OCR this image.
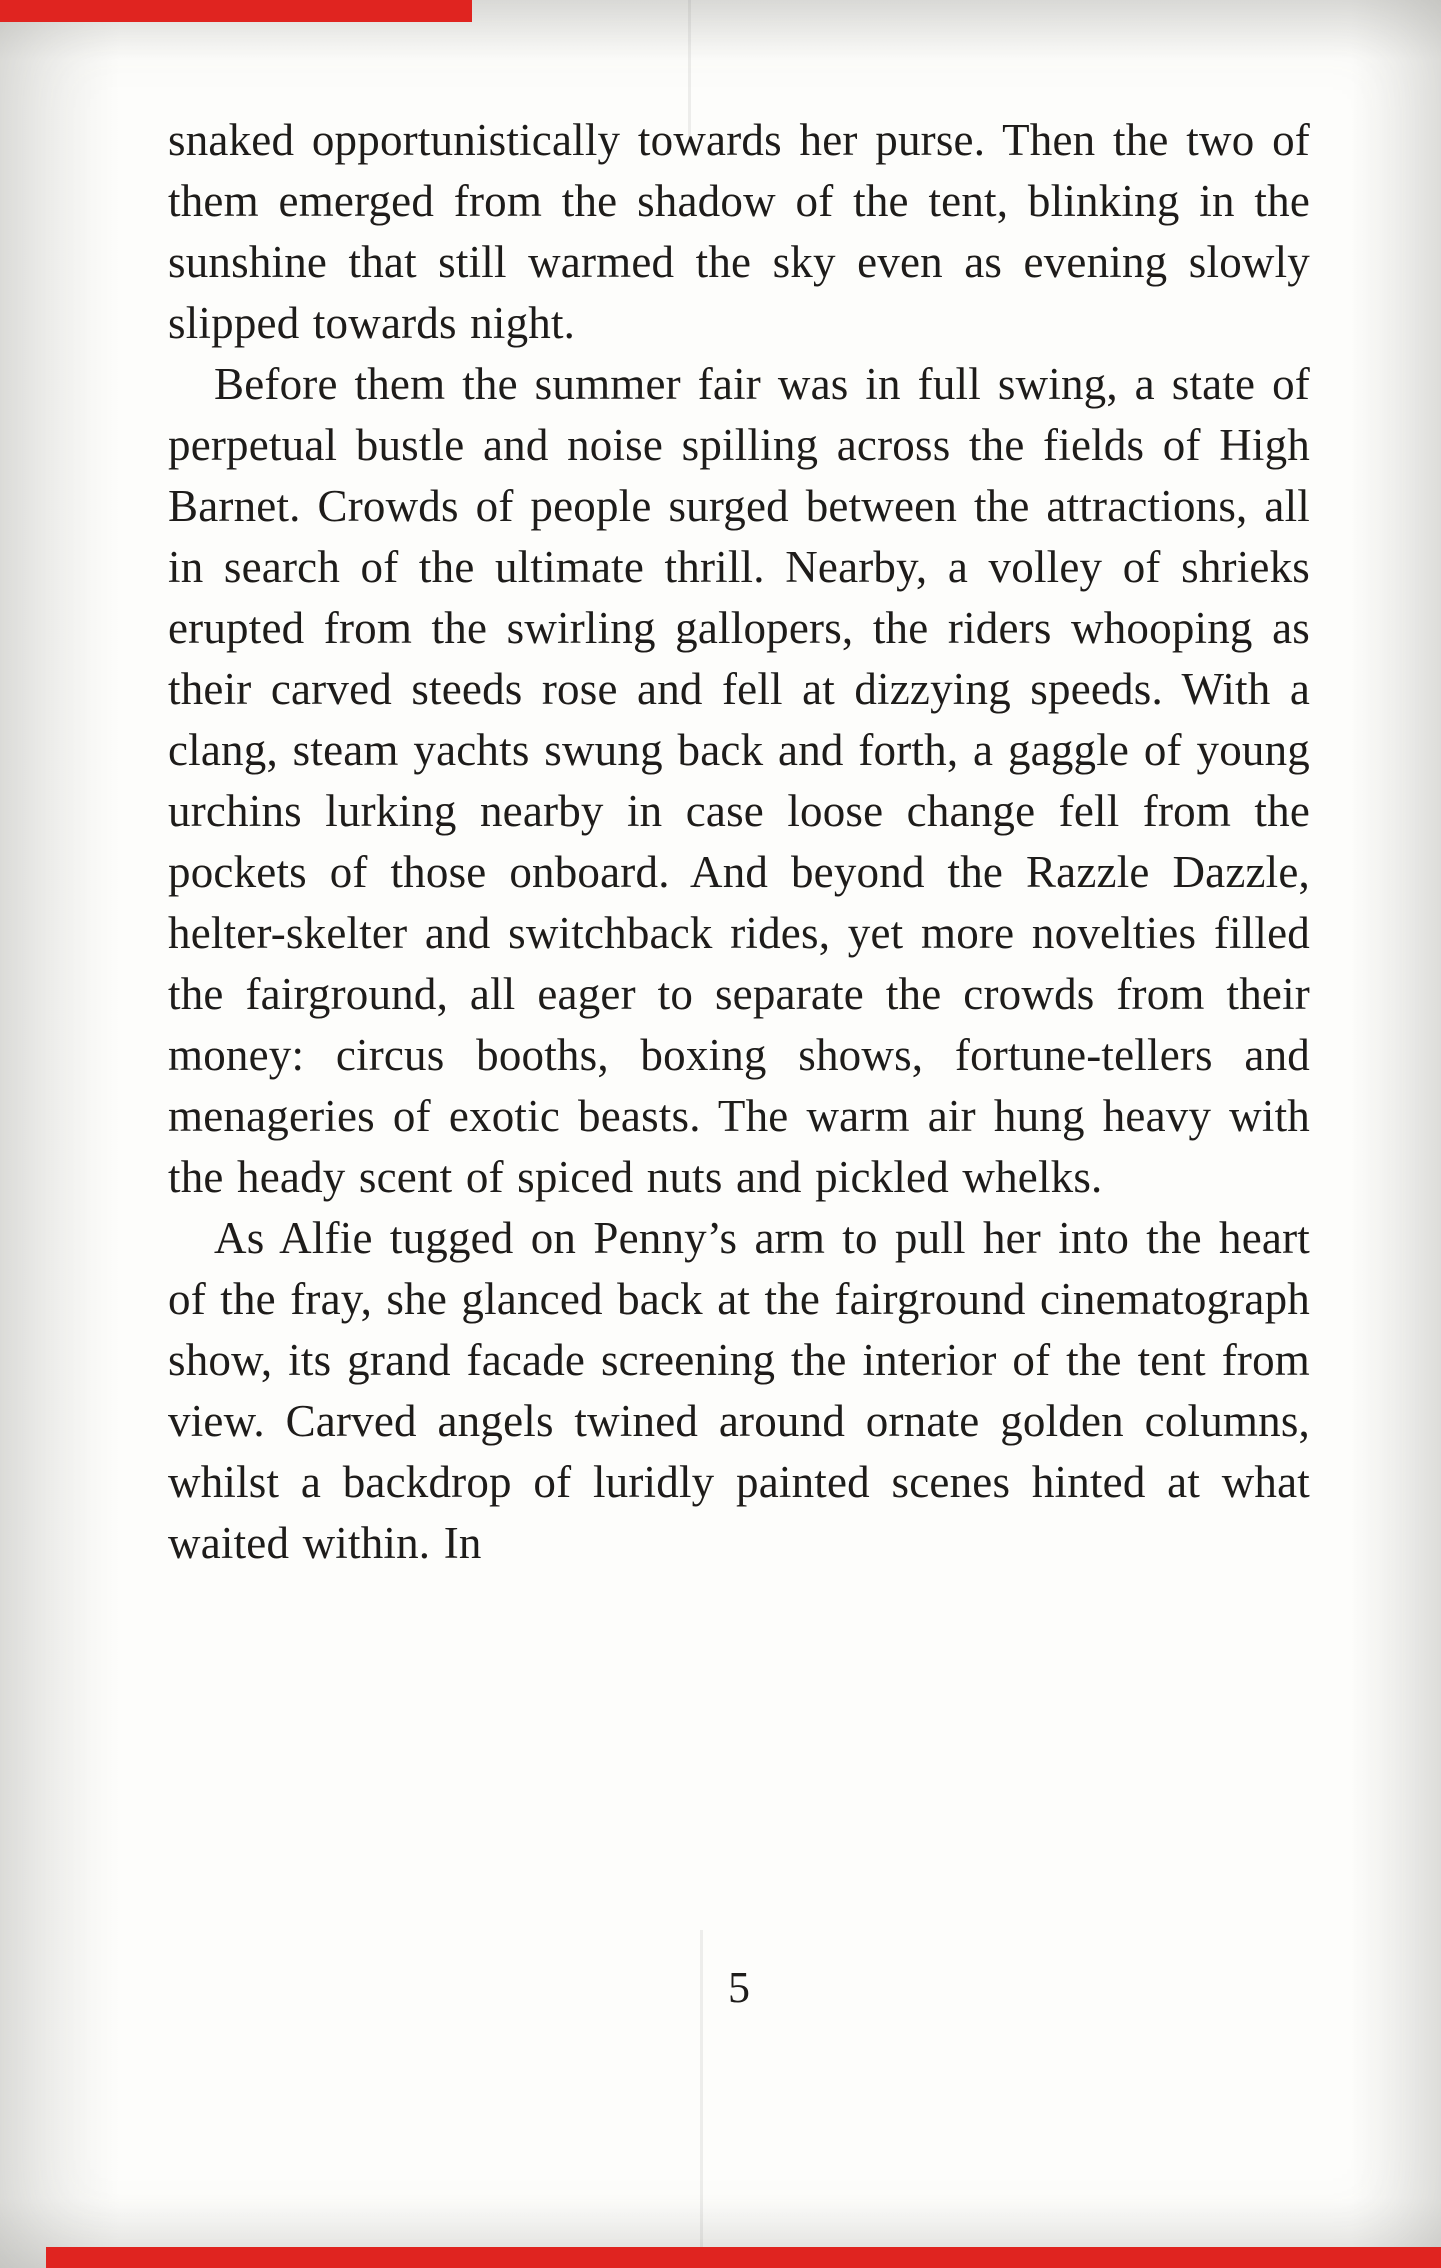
snaked opportunistically towards her purse. Then the two of them emerged from the shadow of the tent, blinking in the sunshine that still warmed the sky even as evening slowly slipped towards night.

Before them the summer fair was in full swing, a state of perpetual bustle and noise spilling across the fields of High Barnet. Crowds of people surged between the attractions, all in search of the ultimate thrill. Nearby, a volley of shrieks erupted from the swirling gallopers, the riders whooping as their carved steeds rose and fell at dizzying speeds. With a clang, steam yachts swung back and forth, a gaggle of young urchins lurking nearby in case loose change fell from the pockets of those onboard. And beyond the Razzle Dazzle, helter-skelter and switchback rides, yet more novelties filled the fairground, all eager to separate the crowds from their money: circus booths, boxing shows, fortune-tellers and menageries of exotic beasts. The warm air hung heavy with the heady scent of spiced nuts and pickled whelks.

As Alfie tugged on Penny’s arm to pull her into the heart of the fray, she glanced back at the fairground cinematograph show, its grand facade screening the interior of the tent from view. Carved angels twined around ornate golden columns, whilst a backdrop of luridly painted scenes hinted at what waited within. In

5
